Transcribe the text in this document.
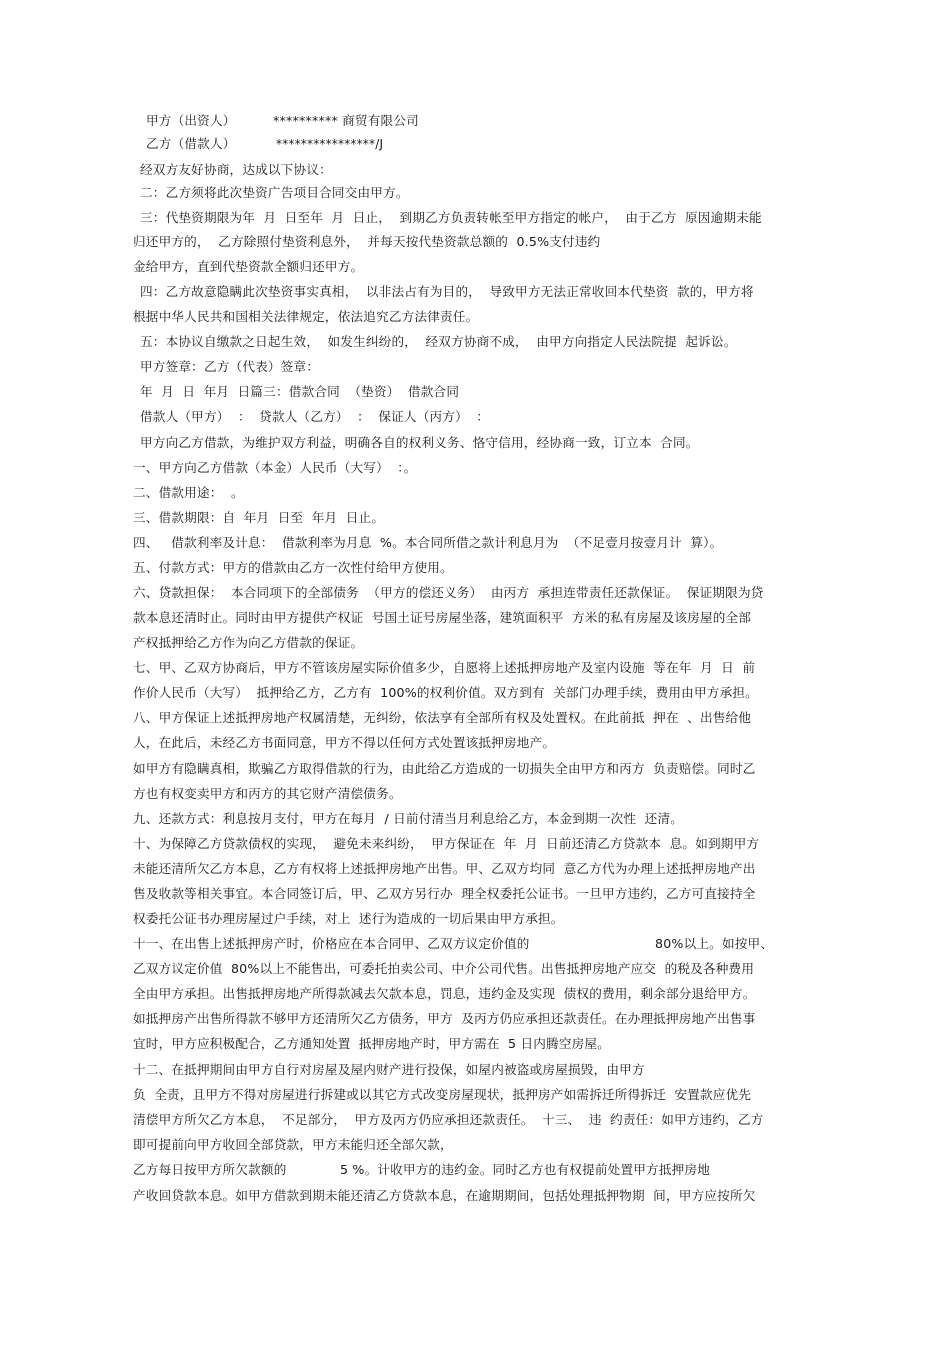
甲方（出资人）	********** 商贸有限公司
乙方（借款人）	****************/J
经双方友好协商，达成以下协议：
二：乙方须将此次垫资广告项目合同交由甲方。
三：代垫资期限为年  月  日至年  月  日止，  到期乙方负责转帐至甲方指定的帐户，  由于乙方  原因逾期未能
归还甲方的，  乙方除照付垫资利息外，  并每天按代垫资款总额的  0.5%支付违约
金给甲方，直到代垫资款全额归还甲方。
四：乙方故意隐瞒此次垫资事实真相，  以非法占有为目的，  导致甲方无法正常收回本代垫资  款的，甲方将
根据中华人民共和国相关法律规定，依法追究乙方法律责任。
五：本协议自缴款之日起生效，  如发生纠纷的，  经双方协商不成，  由甲方向指定人民法院提  起诉讼。
甲方签章：乙方（代表）签章：
年  月  日  年月  日篇三：借款合同  （垫资）  借款合同
借款人（甲方）  ：  贷款人（乙方）  ：  保证人（丙方）  ：
甲方向乙方借款，为维护双方利益，明确各自的权利义务、恪守信用，经协商一致，订立本  合同。
一、甲方向乙方借款（本金）人民币（大写）  ：。
二、借款用途：  。
三、借款期限：自  年月  日至  年月  日止。
四、   借款利率及计息：  借款利率为月息  %。本合同所借之款计利息月为  （不足壹月按壹月计  算）。
五、付款方式：甲方的借款由乙方一次性付给甲方使用。
六、贷款担保：  本合同项下的全部债务  （甲方的偿还义务）  由丙方  承担连带责任还款保证。  保证期限为贷
款本息还清时止。同时由甲方提供产权证  号国土证号房屋坐落，建筑面积平  方米的私有房屋及该房屋的全部
产权抵押给乙方作为向乙方借款的保证。
七、甲、乙双方协商后，甲方不管该房屋实际价值多少，自愿将上述抵押房地产及室内设施  等在年  月  日  前
作价人民币（大写）  抵押给乙方，乙方有  100%的权利价值。双方到有  关部门办理手续，费用由甲方承担。
八、甲方保证上述抵押房地产权属清楚，无纠纷，依法享有全部所有权及处置权。在此前抵  押在  、出售给他
人，在此后，未经乙方书面同意，甲方不得以任何方式处置该抵押房地产。
如甲方有隐瞒真相，欺骗乙方取得借款的行为，由此给乙方造成的一切损失全由甲方和丙方  负责赔偿。同时乙
方也有权变卖甲方和丙方的其它财产清偿债务。
九、还款方式：利息按月支付，甲方在每月  / 日前付清当月利息给乙方，本金到期一次性  还清。
十、为保障乙方贷款债权的实现，  避免未来纠纷，  甲方保证在  年  月  日前还清乙方贷款本  息。如到期甲方
未能还清所欠乙方本息，乙方有权将上述抵押房地产出售。甲、乙双方均同  意乙方代为办理上述抵押房地产出
售及收款等相关事宜。本合同签订后，甲、乙双方另行办  理全权委托公证书。一旦甲方违约，乙方可直接持全
权委托公证书办理房屋过户手续，对上  述行为造成的一切后果由甲方承担。
十一、在出售上述抵押房产时，价格应在本合同甲、乙双方议定价值的	80%以上。如按甲、
乙双方议定价值  80%以上不能售出，可委托拍卖公司、中介公司代售。出售抵押房地产应交  的税及各种费用
全由甲方承担。出售抵押房地产所得款减去欠款本息，罚息，违约金及实现  债权的费用，剩余部分退给甲方。
如抵押房产出售所得款不够甲方还清所欠乙方债务，甲方  及丙方仍应承担还款责任。在办理抵押房地产出售事
宜时，甲方应积极配合，乙方通知处置  抵押房地产时，甲方需在  5 日内腾空房屋。
十二、在抵押期间由甲方自行对房屋及屋内财产进行投保，如屋内被盗或房屋损毁，由甲方
负  全责，且甲方不得对房屋进行拆建或以其它方式改变房屋现状，抵押房产如需拆迁所得拆迁  安置款应优先
清偿甲方所欠乙方本息，  不足部分，  甲方及丙方仍应承担还款责任。  十三、  违  约责任：如甲方违约，乙方
即可提前向甲方收回全部贷款，甲方未能归还全部欠款，
乙方每日按甲方所欠款额的	5 %。计收甲方的违约金。同时乙方也有权提前处置甲方抵押房地
产收回贷款本息。如甲方借款到期未能还清乙方贷款本息，在逾期期间，包括处理抵押物期  间，甲方应按所欠
